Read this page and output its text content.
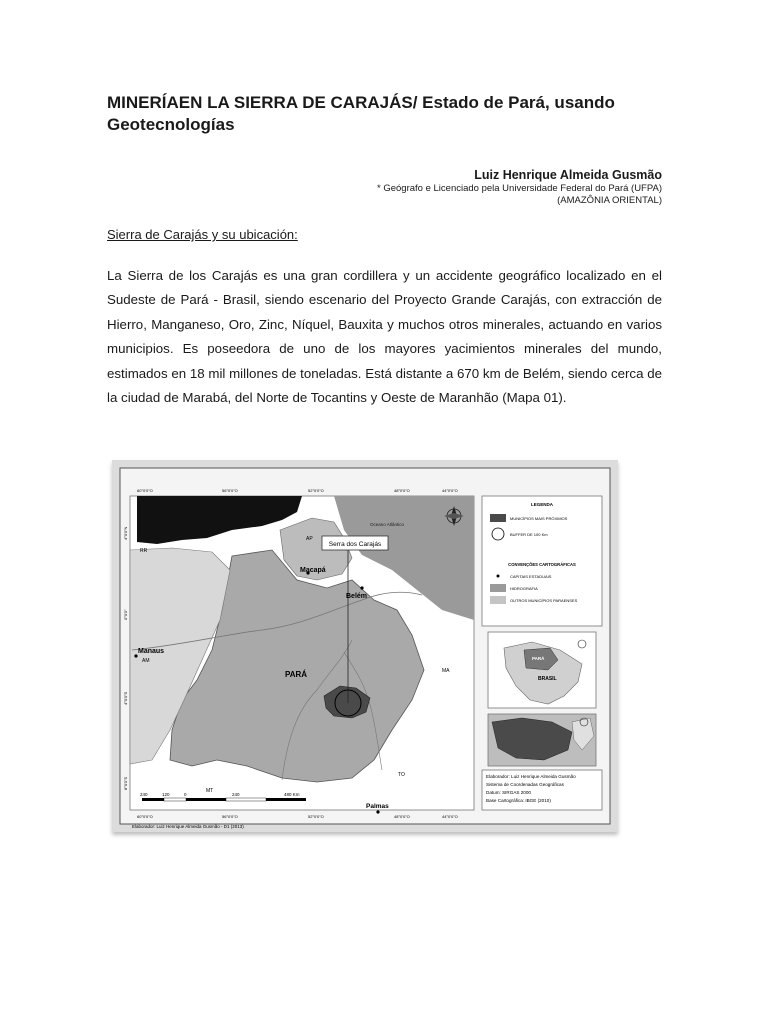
MINERÍAEN LA SIERRA DE CARAJÁS/ Estado de Pará, usando Geotecnologías
Luiz Henrique Almeida Gusmão
* Geógrafo e Licenciado pela Universidade Federal do Pará (UFPA)
(AMAZÔNIA ORIENTAL)
Sierra de Carajás y su ubicación:

La Sierra de los Carajás es una gran cordillera y un accidente geográfico localizado en el Sudeste de Pará - Brasil, siendo escenario del Proyecto Grande Carajás, con extracción de Hierro, Manganeso, Oro, Zinc, Níquel, Bauxita y muchos otros minerales, actuando en varios municipios. Es poseedora de uno de los mayores yacimientos minerales del mundo, estimados en 18 mil millones de toneladas. Está distante a 670 km de Belém, siendo cerca de la ciudad de Marabá, del Norte de Tocantins y Oeste de Maranhão (Mapa 01).

Serra dos Carajás
Macapá
Belém
Manaus
PARÁ
Palmas
AP
RR
AM
MA
TO
MT
Oceano Atlântico
240	120	0	240	480 Km
60°0'0"O	56°0'0"O	52°0'0"O	48°0'0"O	44°0'0"O
60°0'0"O	56°0'0"O	52°0'0"O	48°0'0"O	44°0'0"O
4°0'0"N
0°0'0"
4°0'0"S
8°0'0"S
Elaborador: Luiz Henrique Almeida Gusmão - D1 (2013)
LEGENDA
MUNICÍPIOS MAIS PRÓXIMOS
BUFFER DE 100 Km
CONVENÇÕES CARTOGRÁFICAS
CAPITAIS ESTADUAIS
HIDROGRAFIA
OUTROS MUNICÍPIOS PARAENSES
PARÁ
BRASIL
Elaborador: Luiz Henrique Almeida Gusmão
Sistema de Coordenadas Geográficas
Datum: SIRGAS 2000
Base Cartográfica: IBGE (2010)
